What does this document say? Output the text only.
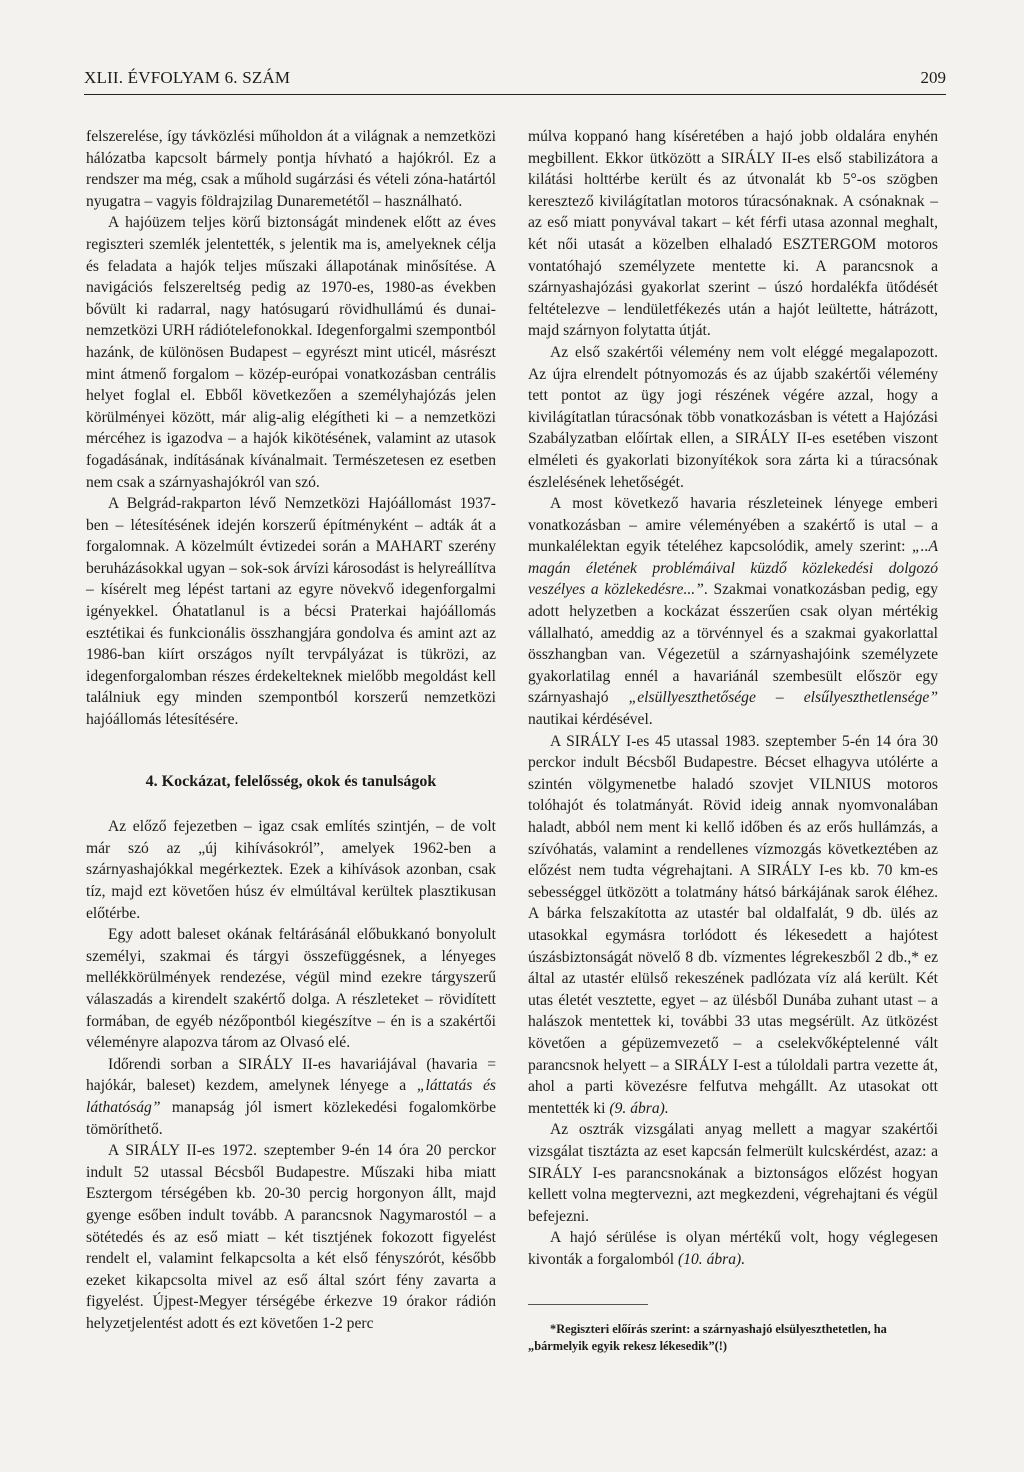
XLII. ÉVFOLYAM 6. SZÁM	209

felszerelése, így távközlési műholdon át a világnak a nemzetközi hálózatba kapcsolt bármely pontja hívható a hajókról. Ez a rendszer ma még, csak a műhold sugárzási és vételi zóna-határtól nyugatra – vagyis földrajzilag Dunaremetétől – használható.

A hajóüzem teljes körű biztonságát mindenek előtt az éves regiszteri szemlék jelentették, s jelentik ma is, amelyeknek célja és feladata a hajók teljes műszaki állapotának minősítése. A navigációs felszereltség pedig az 1970-es, 1980-as években bővült ki radarral, nagy hatósugarú rövidhullámú és dunai-nemzetközi URH rádiótelefonokkal. Idegenforgalmi szempontból hazánk, de különösen Budapest – egyrészt mint uticél, másrészt mint átmenő forgalom – közép-európai vonatkozásban centrális helyet foglal el. Ebből következően a személyhajózás jelen körülményei között, már alig-alig elégítheti ki – a nemzetközi mércéhez is igazodva – a hajók kikötésének, valamint az utasok fogadásának, indításának kívánalmait. Természetesen ez esetben nem csak a szárnyashajókról van szó.

A Belgrád-rakparton lévő Nemzetközi Hajóállomást 1937-ben – létesítésének idején korszerű építményként – adták át a forgalomnak. A közelmúlt évtizedei során a MAHART szerény beruházásokkal ugyan – sok-sok árvízi károsodást is helyreállítva – kísérelt meg lépést tartani az egyre növekvő idegenforgalmi igényekkel. Óhatatlanul is a bécsi Praterkai hajóállomás esztétikai és funkcionális összhangjára gondolva és amint azt az 1986-ban kiírt országos nyílt tervpályázat is tükrözi, az idegenforgalomban részes érdekelteknek mielőbb megoldást kell találniuk egy minden szempontból korszerű nemzetközi hajóállomás létesítésére.

4. Kockázat, felelősség, okok és tanulságok

Az előző fejezetben – igaz csak említés szintjén, – de volt már szó az „új kihívásokról”, amelyek 1962-ben a szárnyashajókkal megérkeztek. Ezek a kihívások azonban, csak tíz, majd ezt követően húsz év elmúltával kerültek plasztikusan előtérbe.

Egy adott baleset okának feltárásánál előbukkanó bonyolult személyi, szakmai és tárgyi összefüggésnek, a lényeges mellékkörülmények rendezése, végül mind ezekre tárgyszerű válaszadás a kirendelt szakértő dolga. A részleteket – rövidített formában, de egyéb nézőpontból kiegészítve – én is a szakértői véleményre alapozva tárom az Olvasó elé.

Időrendi sorban a SIRÁLY II-es havariájával (havaria = hajókár, baleset) kezdem, amelynek lényege a „láttatás és láthatóság” manapság jól ismert közlekedési fogalomkörbe tömöríthető.

A SIRÁLY II-es 1972. szeptember 9-én 14 óra 20 perckor indult 52 utassal Bécsből Budapestre. Műszaki hiba miatt Esztergom térségében kb. 20-30 percig horgonyon állt, majd gyenge esőben indult tovább. A parancsnok Nagymarostól – a sötétedés és az eső miatt – két tisztjének fokozott figyelést rendelt el, valamint felkapcsolta a két első fényszórót, később ezeket kikapcsolta mivel az eső által szórt fény zavarta a figyelést. Újpest-Megyer térségébe érkezve 19 órakor rádión helyzetjelentést adott és ezt követően 1-2 perc

múlva koppanó hang kíséretében a hajó jobb oldalára enyhén megbillent. Ekkor ütközött a SIRÁLY II-es első stabilizátora a kilátási holttérbe került és az útvonalát kb 5°-os szögben keresztező kivilágítatlan motoros túracsónaknak. A csónaknak – az eső miatt ponyvával takart – két férfi utasa azonnal meghalt, két női utasát a közelben elhaladó ESZTERGOM motoros vontatóhajó személyzete mentette ki. A parancsnok a szárnyashajózási gyakorlat szerint – úszó hordalékfa ütődését feltételezve – lendületfékezés után a hajót leültette, hátrázott, majd szárnyon folytatta útját.

Az első szakértői vélemény nem volt eléggé megalapozott. Az újra elrendelt pótnyomozás és az újabb szakértői vélemény tett pontot az ügy jogi részének végére azzal, hogy a kivilágítatlan túracsónak több vonatkozásban is vétett a Hajózási Szabályzatban előírtak ellen, a SIRÁLY II-es esetében viszont elméleti és gyakorlati bizonyítékok sora zárta ki a túracsónak észlelésének lehetőségét.

A most következő havaria részleteinek lényege emberi vonatkozásban – amire véleményében a szakértő is utal – a munkalélektan egyik tételéhez kapcsolódik, amely szerint: „..A magán életének problémáival küzdő közlekedési dolgozó veszélyes a közlekedésre...”. Szakmai vonatkozásban pedig, egy adott helyzetben a kockázat ésszerűen csak olyan mértékig vállalható, ameddig az a törvénnyel és a szakmai gyakorlattal összhangban van. Végezetül a szárnyashajóink személyzete gyakorlatilag ennél a havariánál szembesült először egy szárnyashajó „elsüllyeszthetősége – elsűlyeszthetlensége” nautikai kérdésével.

A SIRÁLY I-es 45 utassal 1983. szeptember 5-én 14 óra 30 perckor indult Bécsből Budapestre. Bécset elhagyva utólérte a szintén völgymenetbe haladó szovjet VILNIUS motoros tolóhajót és tolatmányát. Rövid ideig annak nyomvonalában haladt, abból nem ment ki kellő időben és az erős hullámzás, a szívóhatás, valamint a rendellenes vízmozgás következtében az előzést nem tudta végrehajtani. A SIRÁLY I-es kb. 70 km-es sebességgel ütközött a tolatmány hátsó bárkájának sarok éléhez. A bárka felszakította az utastér bal oldalfalát, 9 db. ülés az utasokkal egymásra torlódott és lékesedett a hajótest úszásbiztonságát növelő 8 db. vízmentes légrekeszből 2 db.,* ez által az utastér elülső rekeszének padlózata víz alá került. Két utas életét vesztette, egyet – az ülésből Dunába zuhant utast – a halászok mentettek ki, további 33 utas megsérült. Az ütközést követően a gépüzemvezető – a cselekvőképtelenné vált parancsnok helyett – a SIRÁLY I-est a túloldali partra vezette át, ahol a parti kövezésre felfutva mehgállt. Az utasokat ott mentették ki (9. ábra).

Az osztrák vizsgálati anyag mellett a magyar szakértői vizsgálat tisztázta az eset kapcsán felmerült kulcskérdést, azaz: a SIRÁLY I-es parancsnokának a biztonságos előzést hogyan kellett volna megtervezni, azt megkezdeni, végrehajtani és végül befejezni.

A hajó sérülése is olyan mértékű volt, hogy véglegesen kivonták a forgalomból (10. ábra).

*Regiszteri előírás szerint: a szárnyashajó elsülyeszthetetlen, ha „bármelyik egyik rekesz lékesedik”(!)
